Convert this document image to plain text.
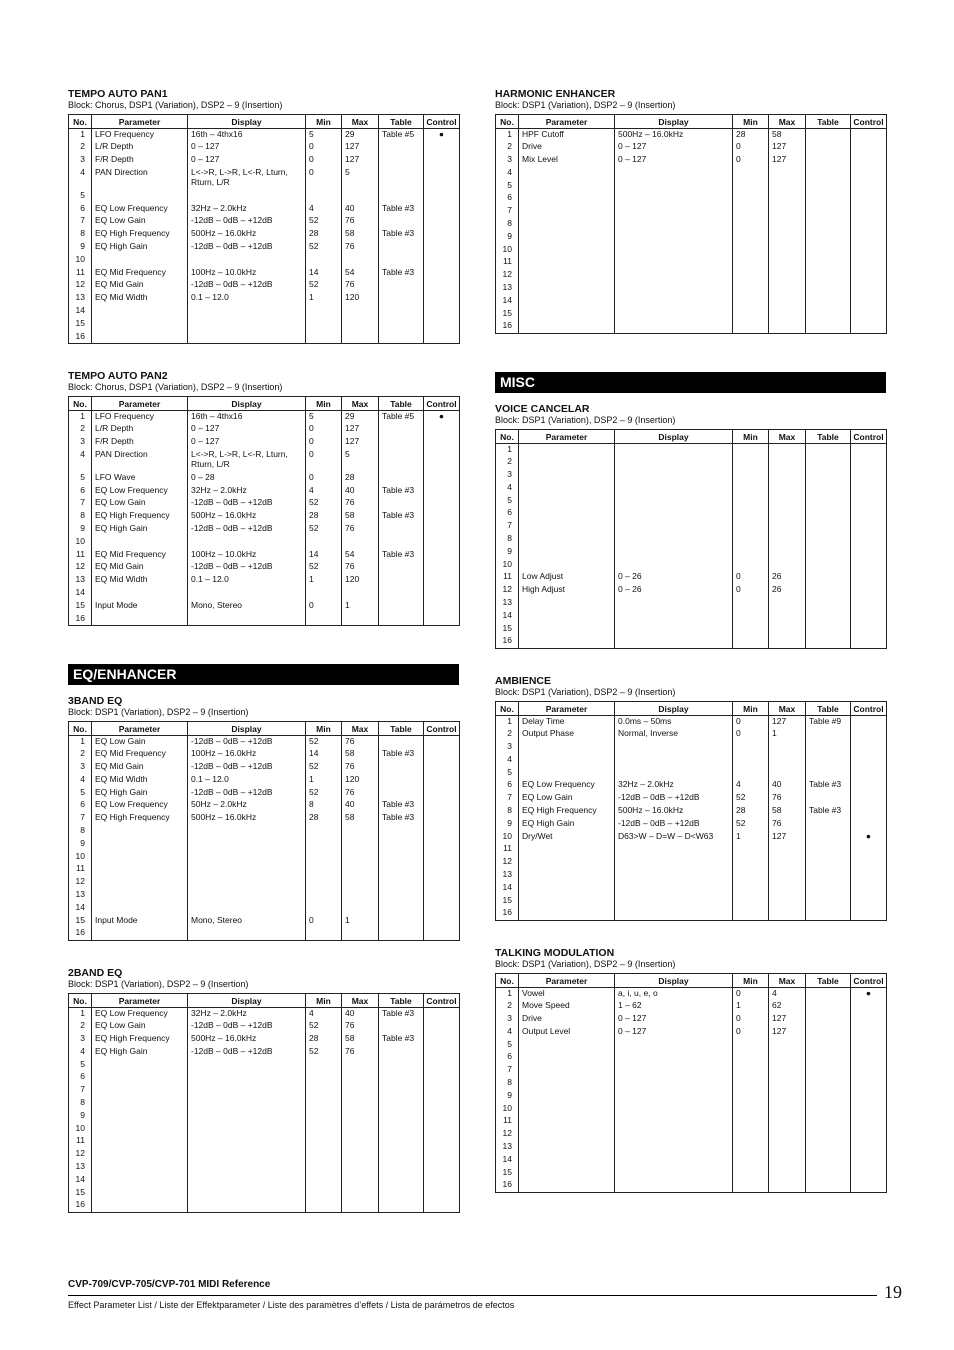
EQ/ENHANCER
MISC
TEMPO AUTO PAN1
Block: Chorus, DSP1 (Variation), DSP2 – 9 (Insertion)
No.	Parameter	Display	Min	Max	Table	Control
1	LFO Frequency	16th – 4thx16	5	29	Table #5	●
2	L/R Depth	0 – 127	0	127		
3	F/R Depth	0 – 127	0	127		
4	PAN Direction	L<->R, L->R, L<-R, Lturn, Rturn, L/R	0	5		
5						
6	EQ Low Frequency	32Hz – 2.0kHz	4	40	Table #3	
7	EQ Low Gain	-12dB – 0dB – +12dB	52	76		
8	EQ High Frequency	500Hz – 16.0kHz	28	58	Table #3	
9	EQ High Gain	-12dB – 0dB – +12dB	52	76		
10						
11	EQ Mid Frequency	100Hz – 10.0kHz	14	54	Table #3	
12	EQ Mid Gain	-12dB – 0dB – +12dB	52	76		
13	EQ Mid Width	0.1 – 12.0	1	120		
14						
15						
16						
TEMPO AUTO PAN2
Block: Chorus, DSP1 (Variation), DSP2 – 9 (Insertion)
No.	Parameter	Display	Min	Max	Table	Control
1	LFO Frequency	16th – 4thx16	5	29	Table #5	●
2	L/R Depth	0 – 127	0	127		
3	F/R Depth	0 – 127	0	127		
4	PAN Direction	L<->R, L->R, L<-R, Lturn, Rturn, L/R	0	5		
5	LFO Wave	0 – 28	0	28		
6	EQ Low Frequency	32Hz – 2.0kHz	4	40	Table #3	
7	EQ Low Gain	-12dB – 0dB – +12dB	52	76		
8	EQ High Frequency	500Hz – 16.0kHz	28	58	Table #3	
9	EQ High Gain	-12dB – 0dB – +12dB	52	76		
10						
11	EQ Mid Frequency	100Hz – 10.0kHz	14	54	Table #3	
12	EQ Mid Gain	-12dB – 0dB – +12dB	52	76		
13	EQ Mid Width	0.1 – 12.0	1	120		
14						
15	Input Mode	Mono, Stereo	0	1		
16						
3BAND EQ
Block: DSP1 (Variation), DSP2 – 9 (Insertion)
No.	Parameter	Display	Min	Max	Table	Control
1	EQ Low Gain	-12dB – 0dB – +12dB	52	76		
2	EQ Mid Frequency	100Hz – 16.0kHz	14	58	Table #3	
3	EQ Mid Gain	-12dB – 0dB – +12dB	52	76		
4	EQ Mid Width	0.1 – 12.0	1	120		
5	EQ High Gain	-12dB – 0dB – +12dB	52	76		
6	EQ Low Frequency	50Hz – 2.0kHz	8	40	Table #3	
7	EQ High Frequency	500Hz – 16.0kHz	28	58	Table #3	
8						
9						
10						
11						
12						
13						
14						
15	Input Mode	Mono, Stereo	0	1		
16						
2BAND EQ
Block: DSP1 (Variation), DSP2 – 9 (Insertion)
No.	Parameter	Display	Min	Max	Table	Control
1	EQ Low Frequency	32Hz – 2.0kHz	4	40	Table #3	
2	EQ Low Gain	-12dB – 0dB – +12dB	52	76		
3	EQ High Frequency	500Hz – 16.0kHz	28	58	Table #3	
4	EQ High Gain	-12dB – 0dB – +12dB	52	76		
5						
6						
7						
8						
9						
10						
11						
12						
13						
14						
15						
16						
HARMONIC ENHANCER
Block: DSP1 (Variation), DSP2 – 9 (Insertion)
No.	Parameter	Display	Min	Max	Table	Control
1	HPF Cutoff	500Hz – 16.0kHz	28	58		
2	Drive	0 – 127	0	127		
3	Mix Level	0 – 127	0	127		
4						
5						
6						
7						
8						
9						
10						
11						
12						
13						
14						
15						
16						
VOICE CANCELAR
Block: DSP1 (Variation), DSP2 – 9 (Insertion)
No.	Parameter	Display	Min	Max	Table	Control
1						
2						
3						
4						
5						
6						
7						
8						
9						
10						
11	Low Adjust	0 – 26	0	26		
12	High Adjust	0 – 26	0	26		
13						
14						
15						
16						
AMBIENCE
Block: DSP1 (Variation), DSP2 – 9 (Insertion)
No.	Parameter	Display	Min	Max	Table	Control
1	Delay Time	0.0ms – 50ms	0	127	Table #9	
2	Output Phase	Normal, Inverse	0	1		
3						
4						
5						
6	EQ Low Frequency	32Hz – 2.0kHz	4	40	Table #3	
7	EQ Low Gain	-12dB – 0dB – +12dB	52	76		
8	EQ High Frequency	500Hz – 16.0kHz	28	58	Table #3	
9	EQ High Gain	-12dB – 0dB – +12dB	52	76		
10	Dry/Wet	D63>W – D=W – D<W63	1	127		●
11						
12						
13						
14						
15						
16						
TALKING MODULATION
Block: DSP1 (Variation), DSP2 – 9 (Insertion)
No.	Parameter	Display	Min	Max	Table	Control
1	Vowel	a, i, u, e, o	0	4		●
2	Move Speed	1 – 62	1	62		
3	Drive	0 – 127	0	127		
4	Output Level	0 – 127	0	127		
5						
6						
7						
8						
9						
10						
11						
12						
13						
14						
15						
16						
CVP-709/CVP-705/CVP-701 MIDI Reference
Effect Parameter List / Liste der Effektparameter / Liste des paramètres d’effets / Lista de parámetros de efectos
19
